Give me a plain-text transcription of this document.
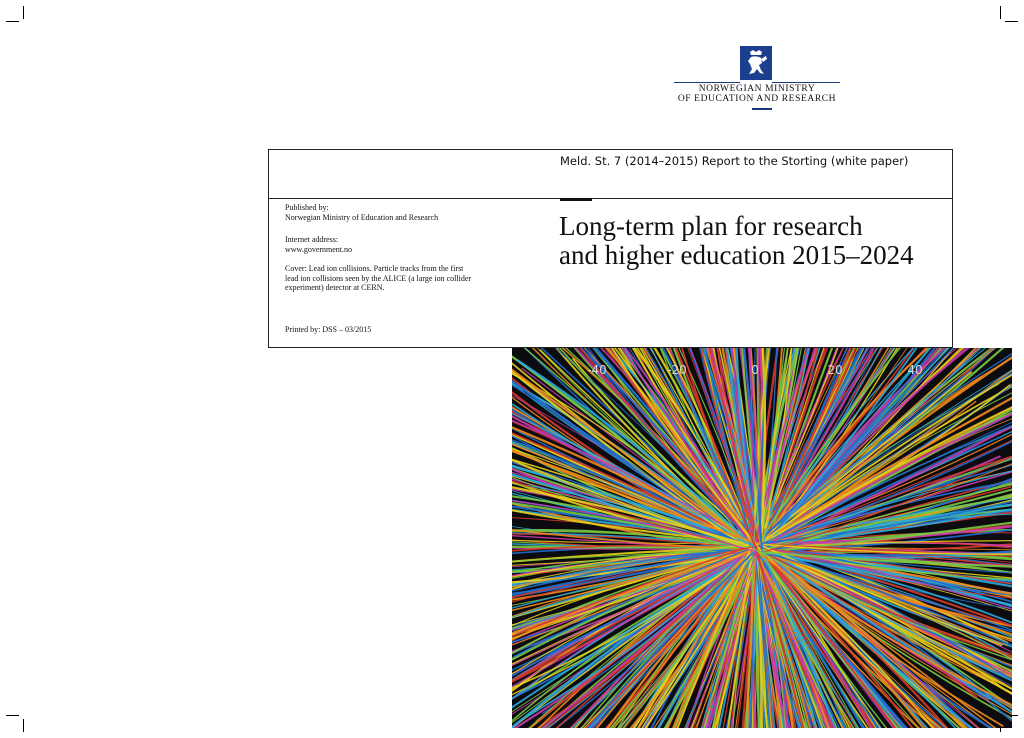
NORWEGIAN MINISTRY
OF EDUCATION AND RESEARCH
Meld. St. 7 (2014–2015) Report to the Storting (white paper)
Long-term plan for research
and higher education 2015–2024
Published by:
Norwegian Ministry of Education and Research
Internet address:
www.government.no
Cover: Lead ion collisions. Particle tracks from the first
lead ion collisions seen by the ALICE (a large ion collider
experiment) detector at CERN.
Printed by: DSS – 03/2015
-40	-20	0	20	40
